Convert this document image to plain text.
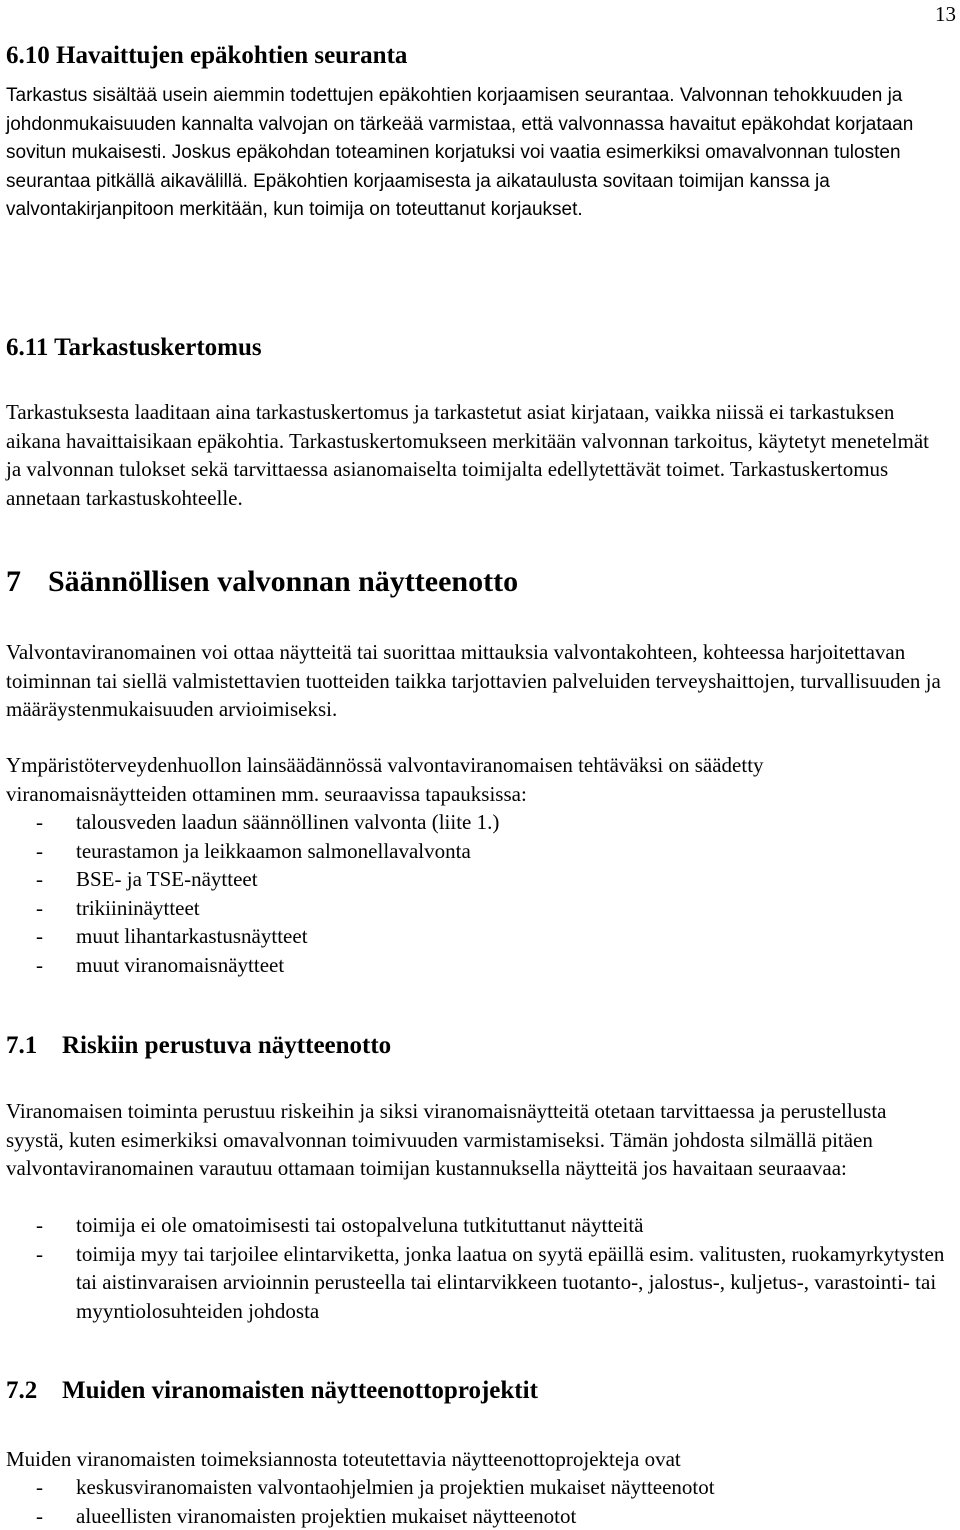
13
6.10 Havaittujen epäkohtien seuranta

Tarkastus sisältää usein aiemmin todettujen epäkohtien korjaamisen seurantaa. Valvonnan tehokkuuden ja johdonmukaisuuden kannalta valvojan on tärkeää varmistaa, että valvonnassa havaitut epäkohdat korjataan sovitun mukaisesti. Joskus epäkohdan toteaminen korjatuksi voi vaatia esimerkiksi omavalvonnan tulosten seurantaa pitkällä aikavälillä. Epäkohtien korjaamisesta ja aikataulusta sovitaan toimijan kanssa ja valvontakirjanpitoon merkitään, kun toimija on toteuttanut korjaukset.

6.11 Tarkastuskertomus

Tarkastuksesta laaditaan aina tarkastuskertomus ja tarkastetut asiat kirjataan, vaikka niissä ei tarkastuksen aikana havaittaisikaan epäkohtia. Tarkastuskertomukseen merkitään valvonnan tarkoitus, käytetyt menetelmät ja valvonnan tulokset sekä tarvittaessa asianomaiselta toimijalta edellytettävät toimet. Tarkastuskertomus annetaan tarkastuskohteelle.

7 Säännöllisen valvonnan näytteenotto

Valvontaviranomainen voi ottaa näytteitä tai suorittaa mittauksia valvontakohteen, kohteessa harjoitettavan toiminnan tai siellä valmistettavien tuotteiden taikka tarjottavien palveluiden terveyshaittojen, turvallisuuden ja määräystenmukaisuuden arvioimiseksi.

Ympäristöterveydenhuollon lainsäädännössä valvontaviranomaisen tehtäväksi on säädetty viranomaisnäytteiden ottaminen mm. seuraavissa tapauksissa:

- talousveden laadun säännöllinen valvonta (liite 1.)
- teurastamon ja leikkaamon salmonellavalvonta
- BSE- ja TSE-näytteet
- trikiininäytteet
- muut lihantarkastusnäytteet
- muut viranomaisnäytteet
7.1 Riskiin perustuva näytteenotto

Viranomaisen toiminta perustuu riskeihin ja siksi viranomaisnäytteitä otetaan tarvittaessa ja perustellusta syystä, kuten esimerkiksi omavalvonnan toimivuuden varmistamiseksi. Tämän johdosta silmällä pitäen valvontaviranomainen varautuu ottamaan toimijan kustannuksella näytteitä jos havaitaan seuraavaa:

- toimija ei ole omatoimisesti tai ostopalveluna tutkituttanut näytteitä
- toimija myy tai tarjoilee elintarviketta, jonka laatua on syytä epäillä esim. valitusten, ruokamyrkytysten tai aistinvaraisen arvioinnin perusteella tai elintarvikkeen tuotanto-, jalostus-, kuljetus-, varastointi- tai myyntiolosuhteiden johdosta
7.2 Muiden viranomaisten näytteenottoprojektit

Muiden viranomaisten toimeksiannosta toteutettavia näytteenottoprojekteja ovat

- keskusviranomaisten valvontaohjelmien ja projektien mukaiset näytteenotot
- alueellisten viranomaisten projektien mukaiset näytteenotot
